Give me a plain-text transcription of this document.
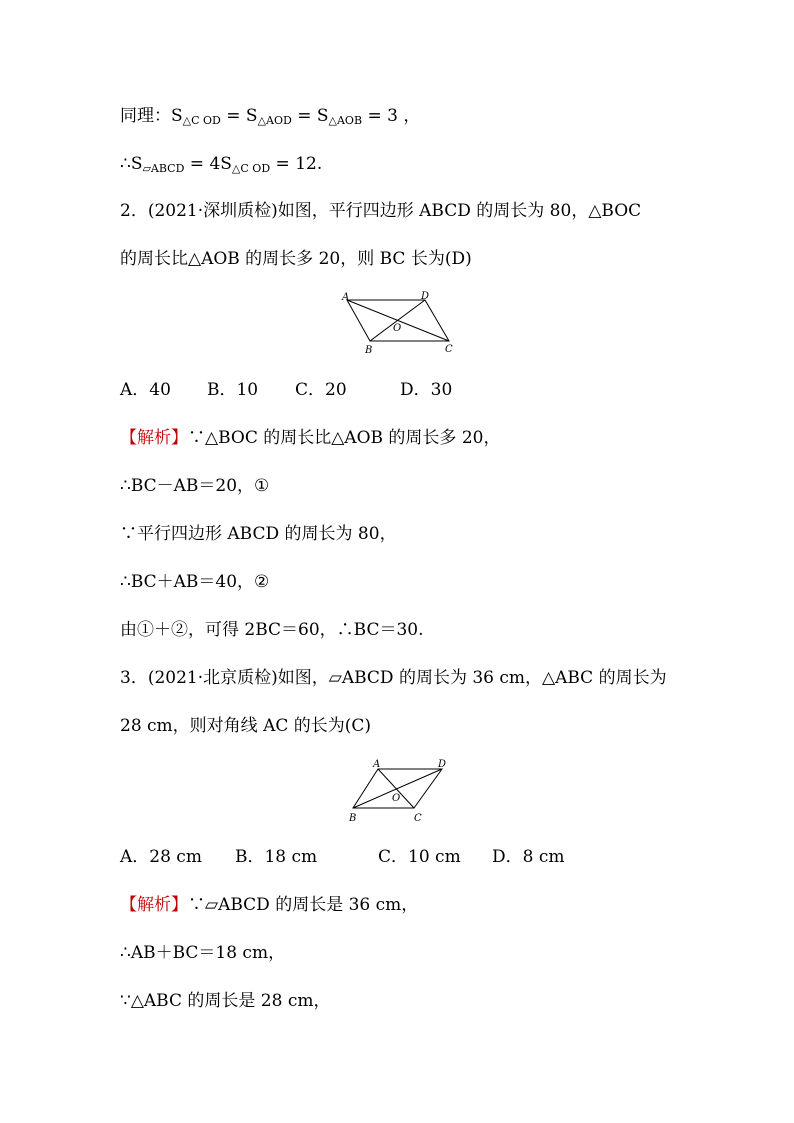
同理：$S_{\triangle C OD} = S_{\triangle AOD} = S_{\triangle AOB} = 3$ ，
$\therefore S_{▱ABCD} = 4S_{\triangle C OD} = 12$.
2．(2021·深圳质检)如图，平行四边形 ABCD 的周长为 80，△BOC
的周长比△AOB 的周长多 20，则 BC 长为(D)
A	D
O
B	C
A．40 B．10 C．20	D．30
【解析】∵△BOC 的周长比△AOB 的周长多 20，
∴BC－AB＝20，①
∵平行四边形 ABCD 的周长为 80，
∴BC＋AB＝40，②
由①＋②，可得 2BC＝60，∴BC＝30.
3．(2021·北京质检)如图，▱ABCD 的周长为 36 cm，△ABC 的周长为
28 cm，则对角线 AC 的长为(C)
A	D
O
B	C
A．28 cm B．18 cm	C．10 cm D．8 cm
【解析】∵▱ABCD 的周长是 36 cm，
∴AB＋BC＝18 cm，
∵△ABC 的周长是 28 cm，
